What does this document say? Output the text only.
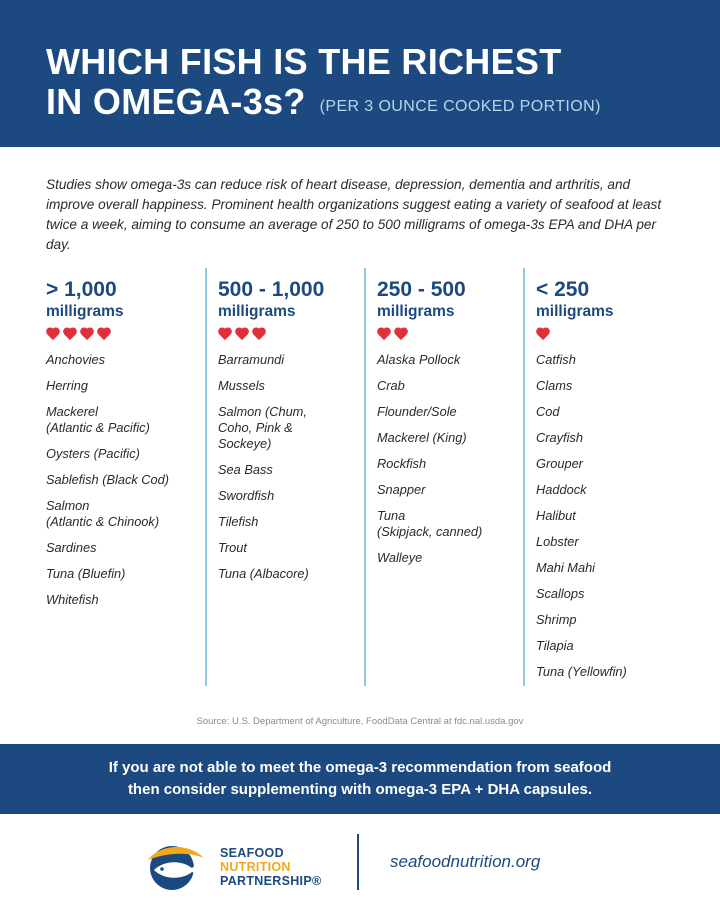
WHICH FISH IS THE RICHEST
IN OMEGA-3s? (PER 3 OUNCE COOKED PORTION)

Studies show omega-3s can reduce risk of heart disease, depression, dementia and arthritis, and improve overall happiness. Prominent health organizations suggest eating a variety of seafood at least twice a week, aiming to consume an average of 250 to 500 milligrams of omega-3s EPA and DHA per day.

> 1,000
milligrams
Anchovies
Herring
Mackerel
(Atlantic & Pacific)
Oysters (Pacific)
Sablefish (Black Cod)
Salmon
(Atlantic & Chinook)
Sardines
Tuna (Bluefin)
Whitefish
500 - 1,000
milligrams
Barramundi
Mussels
Salmon (Chum,
Coho, Pink &
Sockeye)
Sea Bass
Swordfish
Tilefish
Trout
Tuna (Albacore)
250 - 500
milligrams
Alaska Pollock
Crab
Flounder/Sole
Mackerel (King)
Rockfish
Snapper
Tuna
(Skipjack, canned)
Walleye
< 250
milligrams
Catfish
Clams
Cod
Crayfish
Grouper
Haddock
Halibut
Lobster
Mahi Mahi
Scallops
Shrimp
Tilapia
Tuna (Yellowfin)

Source: U.S. Department of Agriculture, FoodData Central at fdc.nal.usda.gov

If you are not able to meet the omega-3 recommendation from seafood
then consider supplementing with omega-3 EPA + DHA capsules.
SEAFOOD
NUTRITION
PARTNERSHIP®
seafoodnutrition.org
